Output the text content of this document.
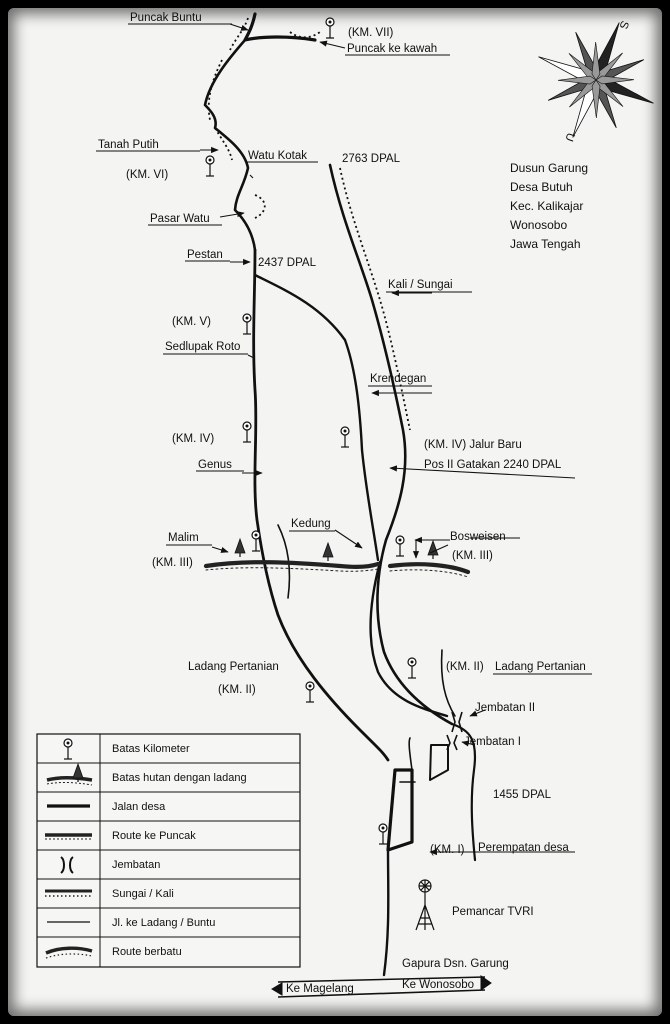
S
U
Dusun Garung
Desa Butuh
Kec. Kalikajar
Wonosobo
Jawa Tengah
Puncak Buntu
(KM. VII)
Puncak ke kawah
Tanah Putih
(KM. VI)
Watu Kotak	2763 DPAL
Pasar Watu
Pestan
2437 DPAL
Kali / Sungai
(KM. V)
Sedlupak Roto
Krendegan
(KM. IV)	(KM. IV) Jalur Baru
Pos II Gatakan 2240 DPAL
Genus
Kedung
Malim	Bosweisen
(KM. III)
(KM. III)
Ladang Pertanian
(KM. II)
(KM. II) Ladang Pertanian
Jembatan II
Jembatan I
1455 DPAL
(KM. I) Perempatan desa
Pemancar TVRI
Gapura Dsn. Garung
Ke Magelang	Ke Wonosobo
Batas Kilometer
Batas hutan dengan ladang
Jalan desa
Route ke Puncak
Jembatan
Sungai / Kali
Jl. ke Ladang / Buntu
Route berbatu
